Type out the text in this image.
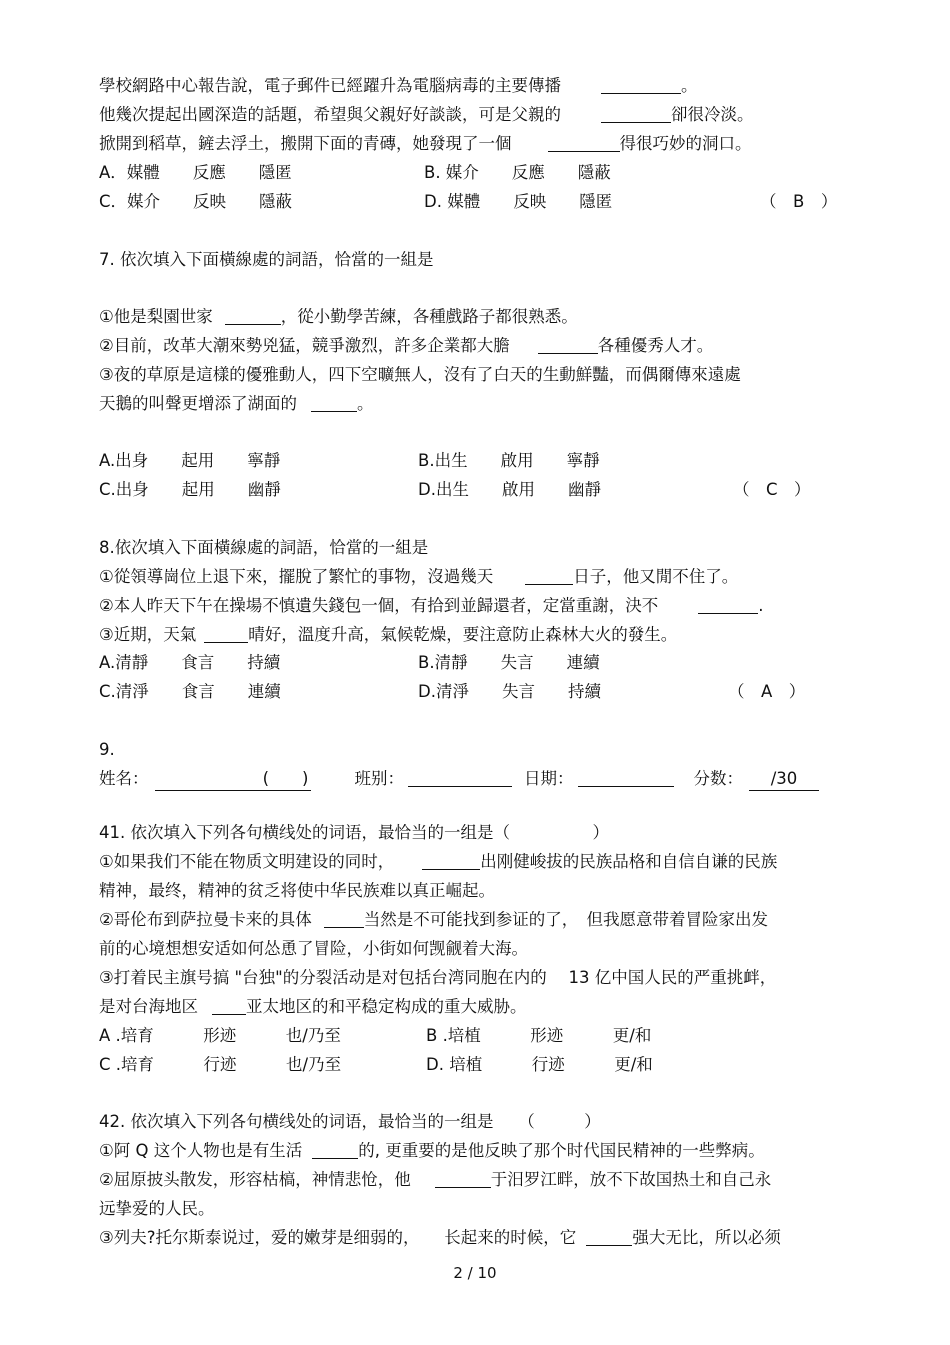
學校網路中心報告說，電子郵件已經躍升為電腦病毒的主要傳播	。
他幾次提起出國深造的話題，希望與父親好好談談，可是父親的	卻很冷淡。
掀開到稻草，鏟去浮土，搬開下面的青磚，她發現了一個	得很巧妙的洞口。
A．媒體　　反應　　隱匿	B. 媒介　　反應　　隱蔽
C．媒介　　反映　　隱蔽	D. 媒體　　反映　　隱匿	（　B　）
7. 依次填入下面橫線處的詞語，恰當的一組是
①他是梨園世家	，從小勤學苦練，各種戲路子都很熟悉。
②目前，改革大潮來勢兇猛，競爭激烈，許多企業都大膽	各種優秀人才。
③夜的草原是這樣的優雅動人，四下空曠無人，沒有了白天的生動鮮豔，而偶爾傳來遠處
天鵝的叫聲更增添了湖面的	。
A.出身　　起用　　寧靜	B.出生　　啟用　　寧靜
C.出身　　起用　　幽靜	D.出生　　啟用　　幽靜	（　C　）
8.依次填入下面橫線處的詞語，恰當的一組是
①從領導崗位上退下來，擺脫了繁忙的事物，沒過幾天	日子，他又閒不住了。
②本人昨天下午在操場不慎遺失錢包一個，有拾到並歸還者，定當重謝，決不	.
③近期，天氣	晴好，溫度升高，氣候乾燥，要注意防止森林大火的發生。
A.清靜　　食言　　持續	B.清靜　　失言　　連續
C.清淨　　食言　　連續	D.清淨　　失言　　持續	（　A　）
9.
姓名：	(　　)	班别：	日期：	分数： /30
41. 依次填入下列各句横线处的词语，最恰当的一组是（　　　　　）
①如果我们不能在物质文明建设的同时，	出刚健峻拔的民族品格和自信自谦的民族
精神，最终，精神的贫乏将使中华民族难以真正崛起。
②哥伦布到萨拉曼卡来的具体	当然是不可能找到参证的了，　但我愿意带着冒险家出发
前的心境想想安适如何怂恿了冒险，小街如何觊觎着大海。
③打着民主旗号搞 "台独"的分裂活动是对包括台湾同胞在内的　 13 亿中国人民的严重挑衅，
是对台海地区	亚太地区的和平稳定构成的重大威胁。
A .培育　　　形迹　　　也/乃至	B .培植　　　形迹　　　更/和
C .培育　　　行迹　　　也/乃至	D. 培植　　　行迹　　　更/和
42. 依次填入下列各句横线处的词语，最恰当的一组是　　（　　　）
①阿 Q 这个人物也是有生活	的, 更重要的是他反映了那个时代国民精神的一些弊病。
②屈原披头散发，形容枯槁，神情悲怆，他	于汨罗江畔，放不下故国热土和自己永
远挚爱的人民。
③列夫?托尔斯泰说过，爱的嫩芽是细弱的，　　长起来的时候，它	强大无比，所以必须
2 / 10
